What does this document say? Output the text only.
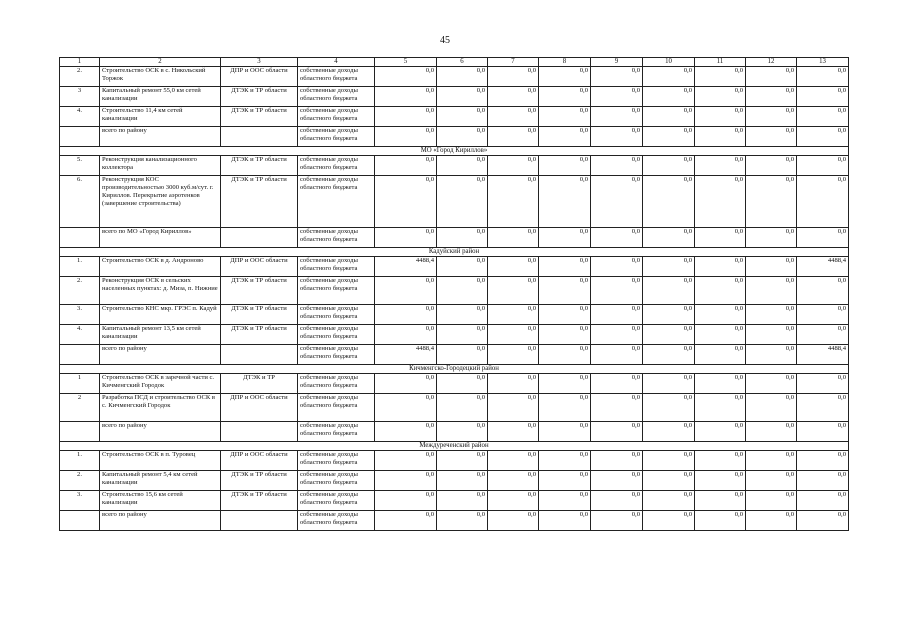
45
1	2	3	4	5	6	7	8	9	10	11	12	13
2.	Строительство ОСК в с. Никольский Торжок	ДПР и ООС области	собственные доходы областного бюджета	0,0	0,0	0,0	0,0	0,0	0,0	0,0	0,0	0,0
3	Капитальный ремонт 55,0 км сетей канализации	ДТЭК и ТР области	собственные доходы областного бюджета	0,0	0,0	0,0	0,0	0,0	0,0	0,0	0,0	0,0
4.	Строительство 11,4 км сетей канализации	ДТЭК и ТР области	собственные доходы областного бюджета	0,0	0,0	0,0	0,0	0,0	0,0	0,0	0,0	0,0
	всего по району		собственные доходы областного бюджета	0,0	0,0	0,0	0,0	0,0	0,0	0,0	0,0	0,0
МО «Город Кириллов»												
5.	Реконструкция канализационного коллектора	ДТЭК и ТР области	собственные доходы областного бюджета	0,0	0,0	0,0	0,0	0,0	0,0	0,0	0,0	0,0
6.	Реконструкция КОС производительностью 3000 куб.м/сут. г. Кириллов. Перекрытие аэротенков (завершение строительства)	ДТЭК и ТР области	собственные доходы областного бюджета	0,0	0,0	0,0	0,0	0,0	0,0	0,0	0,0	0,0
	всего по МО «Город Кириллов»		собственные доходы областного бюджета	0,0	0,0	0,0	0,0	0,0	0,0	0,0	0,0	0,0
Кадуйский район												
1.	Строительство ОСК в д. Андроново	ДПР и ООС области	собственные доходы областного бюджета	4488,4	0,0	0,0	0,0	0,0	0,0	0,0	0,0	4488,4
2.	Реконструкция ОСК в сельских населенных пунктах: д. Миза, п. Нижние	ДТЭК и ТР области	собственные доходы областного бюджета	0,0	0,0	0,0	0,0	0,0	0,0	0,0	0,0	0,0
3.	Строительство КНС мкр. ГРЭС п. Кадуй	ДТЭК и ТР области	собственные доходы областного бюджета	0,0	0,0	0,0	0,0	0,0	0,0	0,0	0,0	0,0
4.	Капитальный ремонт 13,5 км сетей канализации	ДТЭК и ТР области	собственные доходы областного бюджета	0,0	0,0	0,0	0,0	0,0	0,0	0,0	0,0	0,0
	всего по району		собственные доходы областного бюджета	4488,4	0,0	0,0	0,0	0,0	0,0	0,0	0,0	4488,4
Кичменгско-Городецкий район												
1	Строительство ОСК в заречной части с. Кичменгский Городок	ДТЭК и ТР	собственные доходы областного бюджета	0,0	0,0	0,0	0,0	0,0	0,0	0,0	0,0	0,0
2	Разработка ПСД и строительство ОСК в с. Кичменгский Городок	ДПР и ООС области	собственные доходы областного бюджета	0,0	0,0	0,0	0,0	0,0	0,0	0,0	0,0	0,0
	всего по району		собственные доходы областного бюджета	0,0	0,0	0,0	0,0	0,0	0,0	0,0	0,0	0,0
Междуреченский район												
1.	Строительство ОСК в п. Туровец	ДПР и ООС области	собственные доходы областного бюджета	0,0	0,0	0,0	0,0	0,0	0,0	0,0	0,0	0,0
2.	Капитальный ремонт 5,4 км сетей канализации	ДТЭК и ТР области	собственные доходы областного бюджета	0,0	0,0	0,0	0,0	0,0	0,0	0,0	0,0	0,0
3.	Строительство 15,6 км сетей канализации	ДТЭК и ТР области	собственные доходы областного бюджета	0,0	0,0	0,0	0,0	0,0	0,0	0,0	0,0	0,0
	всего по району		собственные доходы областного бюджета	0,0	0,0	0,0	0,0	0,0	0,0	0,0	0,0	0,0
